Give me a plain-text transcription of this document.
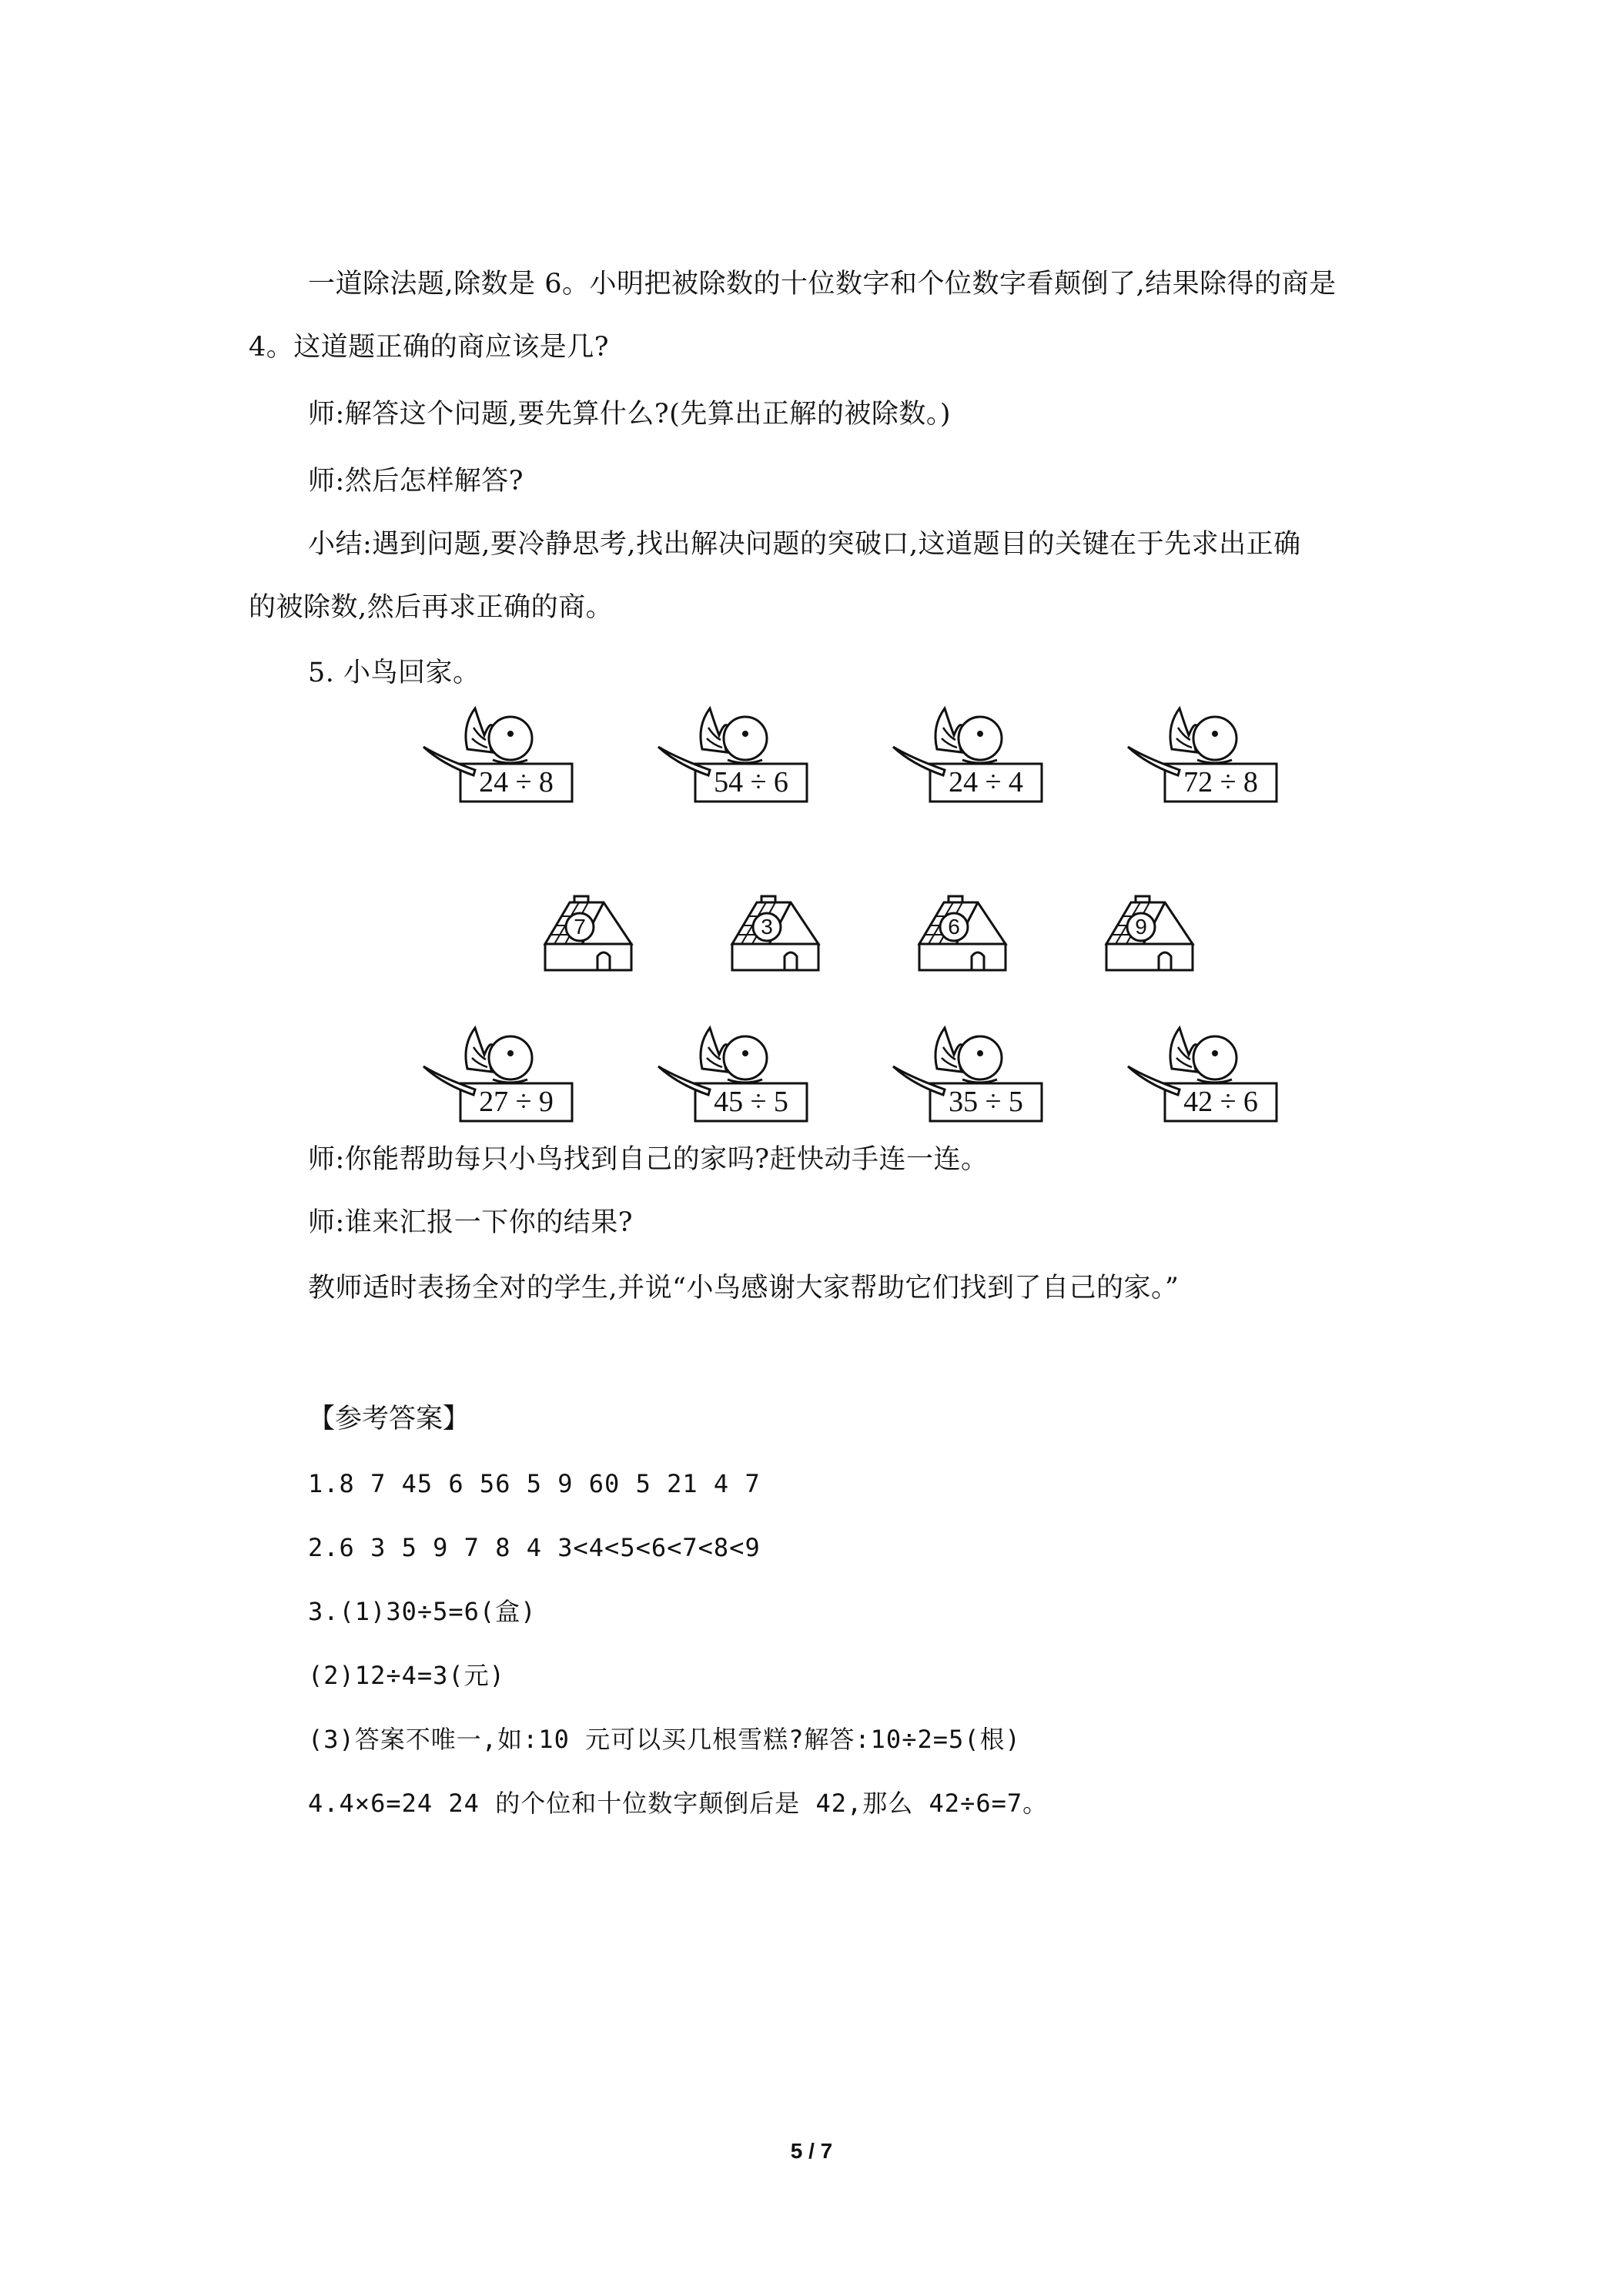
一道除法题,除数是 6。小明把被除数的十位数字和个位数字看颠倒了,结果除得的商是
4。这道题正确的商应该是几?
师:解答这个问题,要先算什么?(先算出正解的被除数。)
师:然后怎样解答?
小结:遇到问题,要冷静思考,找出解决问题的突破口,这道题目的关键在于先求出正确
的被除数,然后再求正确的商。
5. 小鸟回家。
24 ÷ 8	54 ÷ 6	24 ÷ 4	72 ÷ 8
7	3	6	9
27 ÷ 9	45 ÷ 5	35 ÷ 5	42 ÷ 6
师:你能帮助每只小鸟找到自己的家吗?赶快动手连一连。
师:谁来汇报一下你的结果?
教师适时表扬全对的学生,并说“小鸟感谢大家帮助它们找到了自己的家。”
【参考答案】
1.8 7 45 6 56 5 9 60 5 21 4 7
2.6 3 5 9 7 8 4 3<4<5<6<7<8<9
3.(1)30÷5=6(盒)
(2)12÷4=3(元)
(3)答案不唯一,如:10 元可以买几根雪糕?解答:10÷2=5(根)
4.4×6=24 24 的个位和十位数字颠倒后是 42,那么 42÷6=7。
5 / 7
